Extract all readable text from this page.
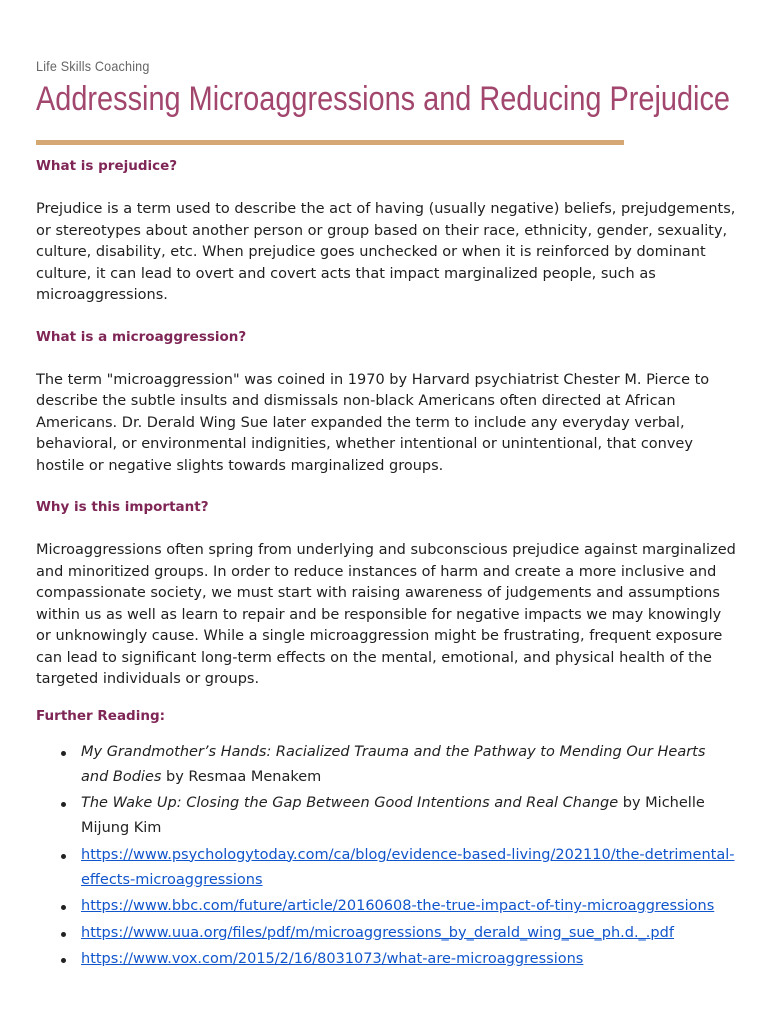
Life Skills Coaching
Addressing Microaggressions and Reducing Prejudice
What is prejudice?

Prejudice is a term used to describe the act of having (usually negative) beliefs, prejudgements, or stereotypes about another person or group based on their race, ethnicity, gender, sexuality, culture, disability, etc. When prejudice goes unchecked or when it is reinforced by dominant culture, it can lead to overt and covert acts that impact marginalized people, such as microaggressions.

What is a microaggression?

The term "microaggression" was coined in 1970 by Harvard psychiatrist Chester M. Pierce to describe the subtle insults and dismissals non-black Americans often directed at African Americans. Dr. Derald Wing Sue later expanded the term to include any everyday verbal, behavioral, or environmental indignities, whether intentional or unintentional, that convey hostile or negative slights towards marginalized groups.

Why is this important?

Microaggressions often spring from underlying and subconscious prejudice against marginalized and minoritized groups. In order to reduce instances of harm and create a more inclusive and compassionate society, we must start with raising awareness of judgements and assumptions within us as well as learn to repair and be responsible for negative impacts we may knowingly or unknowingly cause. While a single microaggression might be frustrating, frequent exposure can lead to significant long-term effects on the mental, emotional, and physical health of the targeted individuals or groups.

Further Reading:
My Grandmother’s Hands: Racialized Trauma and the Pathway to Mending Our Hearts and Bodies by Resmaa Menakem
The Wake Up: Closing the Gap Between Good Intentions and Real Change by Michelle Mijung Kim
https://www.psychologytoday.com/ca/blog/evidence-based-living/202110/the-detrimental-effects-microaggressions
https://www.bbc.com/future/article/20160608-the-true-impact-of-tiny-microaggressions
https://www.uua.org/files/pdf/m/microaggressions_by_derald_wing_sue_ph.d._.pdf
https://www.vox.com/2015/2/16/8031073/what-are-microaggressions
